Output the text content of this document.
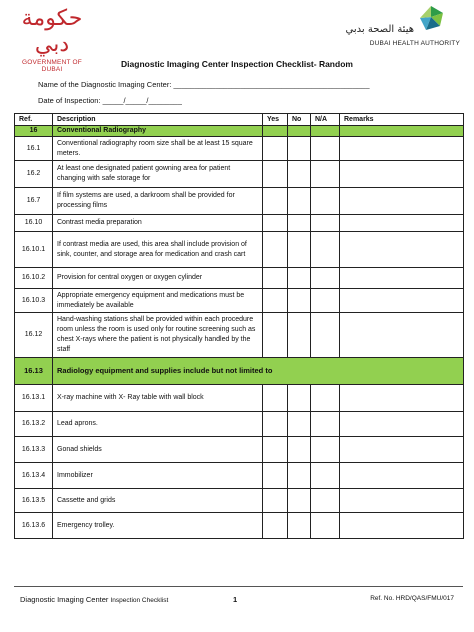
حكومة دبي
GOVERNMENT OF DUBAI
هيئة الصحة بدبي
DUBAI HEALTH AUTHORITY
Diagnostic Imaging Center Inspection Checklist- Random
Name of the Diagnostic Imaging Center: _______________________________________________
Date of Inspection: _____/_____/________
Ref.	Description	Yes	No	N/A	Remarks
16	Conventional Radiography				
16.1	Conventional radiography room size shall be at least 15 square meters.				
16.2	At least one designated patient gowning area for patient changing with safe storage for				
16.7	If film systems are used, a darkroom shall be provided for processing films				
16.10	Contrast media preparation				
16.10.1	If contrast media are used, this area shall include provision of sink, counter, and storage area for medication and crash cart				
16.10.2	Provision for central oxygen or oxygen cylinder				
16.10.3	Appropriate emergency equipment and medications must be immediately be available				
16.12	Hand-washing stations shall be provided within each procedure room unless the room is used only for routine screening such as chest X-rays where the patient is not physically handled by the staff				
16.13	Radiology equipment and supplies include but not limited to				
16.13.1	X-ray machine with X- Ray table with wall block				
16.13.2	Lead aprons.				
16.13.3	Gonad shields				
16.13.4	Immobilizer				
16.13.5	Cassette and grids				
16.13.6	Emergency trolley.				
Diagnostic Imaging Center Inspection Checklist	1	Ref. No. HRD/QAS/FMU/017
